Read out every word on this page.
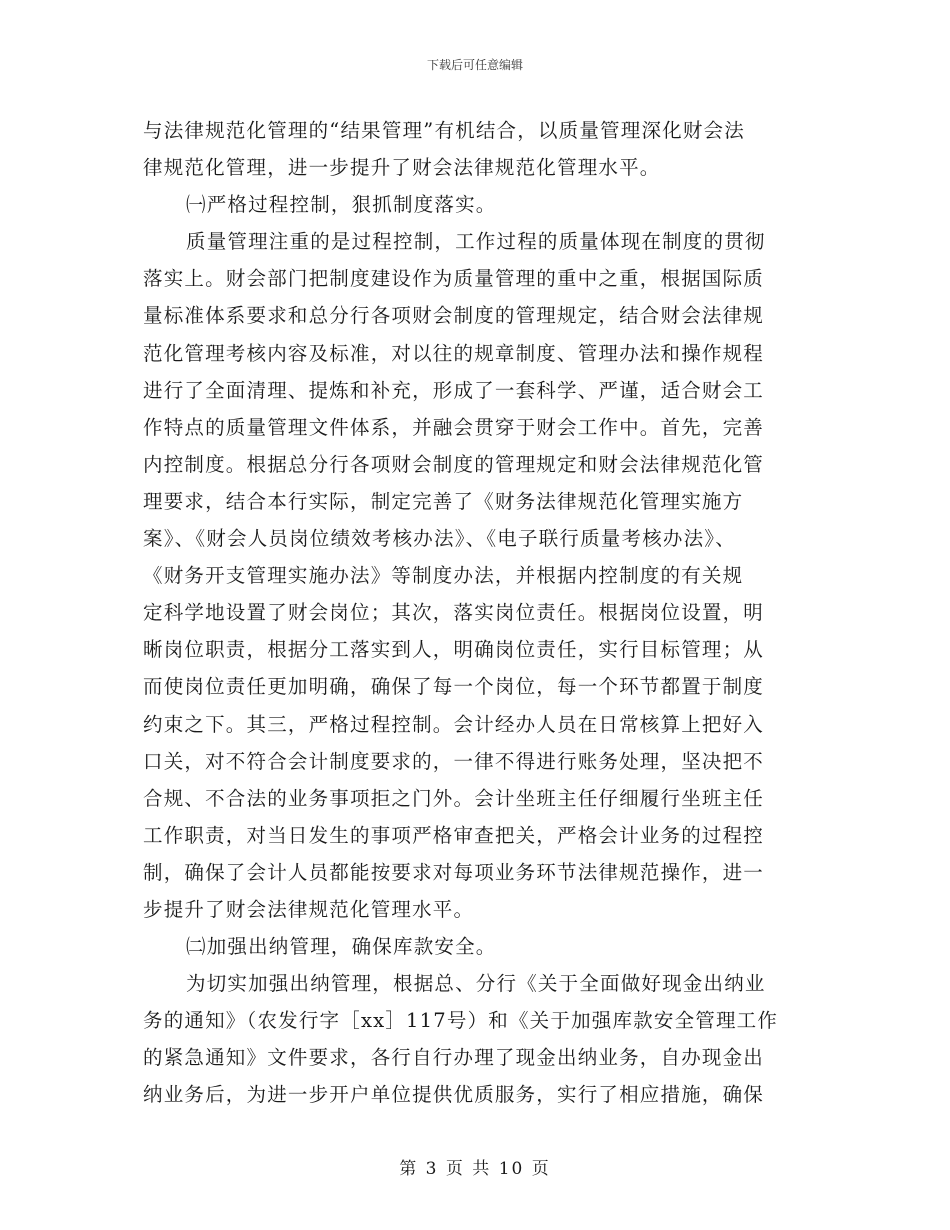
下载后可任意编辑
与法律规范化管理的“结果管理”有机结合，以质量管理深化财会法
律规范化管理，进一步提升了财会法律规范化管理水平。
㈠严格过程控制，狠抓制度落实。
质量管理注重的是过程控制，工作过程的质量体现在制度的贯彻
落实上。财会部门把制度建设作为质量管理的重中之重，根据国际质
量标准体系要求和总分行各项财会制度的管理规定，结合财会法律规
范化管理考核内容及标准，对以往的规章制度、管理办法和操作规程
进行了全面清理、提炼和补充，形成了一套科学、严谨，适合财会工
作特点的质量管理文件体系，并融会贯穿于财会工作中。首先，完善
内控制度。根据总分行各项财会制度的管理规定和财会法律规范化管
理要求，结合本行实际，制定完善了《财务法律规范化管理实施方
案》、《财会人员岗位绩效考核办法》、《电子联行质量考核办法》、
《财务开支管理实施办法》等制度办法，并根据内控制度的有关规
定科学地设置了财会岗位；其次，落实岗位责任。根据岗位设置，明
晰岗位职责，根据分工落实到人，明确岗位责任，实行目标管理；从
而使岗位责任更加明确，确保了每一个岗位，每一个环节都置于制度
约束之下。其三，严格过程控制。会计经办人员在日常核算上把好入
口关，对不符合会计制度要求的，一律不得进行账务处理，坚决把不
合规、不合法的业务事项拒之门外。会计坐班主任仔细履行坐班主任
工作职责，对当日发生的事项严格审查把关，严格会计业务的过程控
制，确保了会计人员都能按要求对每项业务环节法律规范操作，进一
步提升了财会法律规范化管理水平。
㈡加强出纳管理，确保库款安全。
为切实加强出纳管理，根据总、分行《关于全面做好现金出纳业
务的通知》（农发行字［xx］117号）和《关于加强库款安全管理工作
的紧急通知》文件要求，各行自行办理了现金出纳业务，自办现金出
纳业务后，为进一步开户单位提供优质服务，实行了相应措施，确保
第 3 页 共 10 页
